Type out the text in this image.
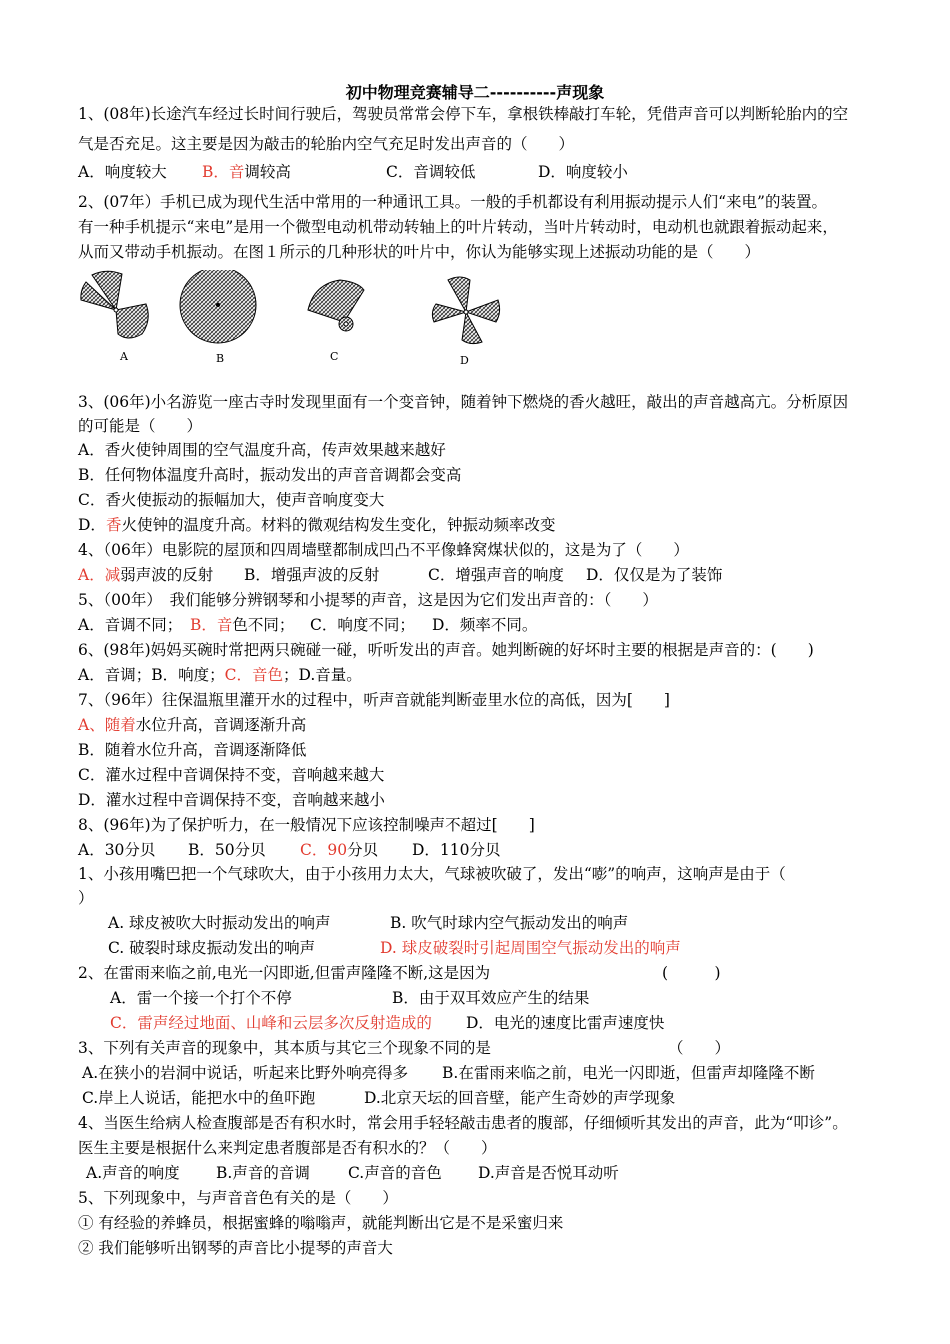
初中物理竞赛辅导二----------声现象
1、(08年)长途汽车经过长时间行驶后，驾驶员常常会停下车，拿根铁棒敲打车轮，凭借声音可以判断轮胎内的空
气是否充足。这主要是因为敲击的轮胎内空气充足时发出声音的（　　）
A．响度较大 B．音调较高	C．音调较低	D．响度较小
2、(07年）手机已成为现代生活中常用的一种通讯工具。一般的手机都设有利用振动提示人们“来电”的装置。
有一种手机提示“来电”是用一个微型电动机带动转轴上的叶片转动，当叶片转动时，电动机也就跟着振动起来，
从而又带动手机振动。在图１所示的几种形状的叶片中，你认为能够实现上述振动功能的是（　　）
A	B	C	D
3、(06年)小名游览一座古寺时发现里面有一个变音钟，随着钟下燃烧的香火越旺，敲出的声音越高亢。分析原因
的可能是（　　）
A．香火使钟周围的空气温度升高，传声效果越来越好
B．任何物体温度升高时，振动发出的声音音调都会变高
C．香火使振动的振幅加大，使声音响度变大
D．香火使钟的温度升高。材料的微观结构发生变化，钟振动频率改变
4、（06年）电影院的屋顶和四周墙壁都制成凹凸不平像蜂窝煤状似的，这是为了（　　）
A．减弱声波的反射 B．增强声波的反射	C．增强声音的响度 D．仅仅是为了装饰
5、（00年）　我们能够分辨钢琴和小提琴的声音，这是因为它们发出声音的：（　　）
A．音调不同； B．音色不同； C．响度不同； D．频率不同。
6、(98年)妈妈买碗时常把两只碗碰一碰，听听发出的声音。她判断碗的好坏时主要的根据是声音的：(　　)
A．音调；B．响度；C．音色；D.音量。
7、（96年）往保温瓶里灌开水的过程中，听声音就能判断壶里水位的高低，因为[　　]
A、随着水位升高，音调逐渐升高
B．随着水位升高，音调逐渐降低
C．灌水过程中音调保持不变，音响越来越大
D．灌水过程中音调保持不变，音响越来越小
8、(96年)为了保护听力，在一般情况下应该控制噪声不超过[　　]
A．30分贝 B．50分贝 C．90分贝 D．110分贝
1、小孩用嘴巴把一个气球吹大，由于小孩用力太大，气球被吹破了，发出“嘭”的响声，这响声是由于（
）
A. 球皮被吹大时振动发出的响声	B. 吹气时球内空气振动发出的响声
C. 破裂时球皮振动发出的响声	D. 球皮破裂时引起周围空气振动发出的响声
2、在雷雨来临之前,电光一闪即逝,但雷声隆隆不断,这是因为	(　　　)
A．雷一个接一个打个不停	B．由于双耳效应产生的结果
C．雷声经过地面、山峰和云层多次反射造成的 D．电光的速度比雷声速度快
3、下列有关声音的现象中，其本质与其它三个现象不同的是	（　　）
A.在狭小的岩洞中说话，听起来比野外响亮得多 B.在雷雨来临之前，电光一闪即逝，但雷声却隆隆不断
C.岸上人说话，能把水中的鱼吓跑	D.北京天坛的回音壁，能产生奇妙的声学现象
4、当医生给病人检查腹部是否有积水时，常会用手轻轻敲击患者的腹部，仔细倾听其发出的声音，此为“叩诊”。
医生主要是根据什么来判定患者腹部是否有积水的？（　　）
A.声音的响度 B.声音的音调 C.声音的音色 D.声音是否悦耳动听
5、下列现象中，与声音音色有关的是（　　）
① 有经验的养蜂员，根据蜜蜂的嗡嗡声，就能判断出它是不是采蜜归来
② 我们能够听出钢琴的声音比小提琴的声音大
